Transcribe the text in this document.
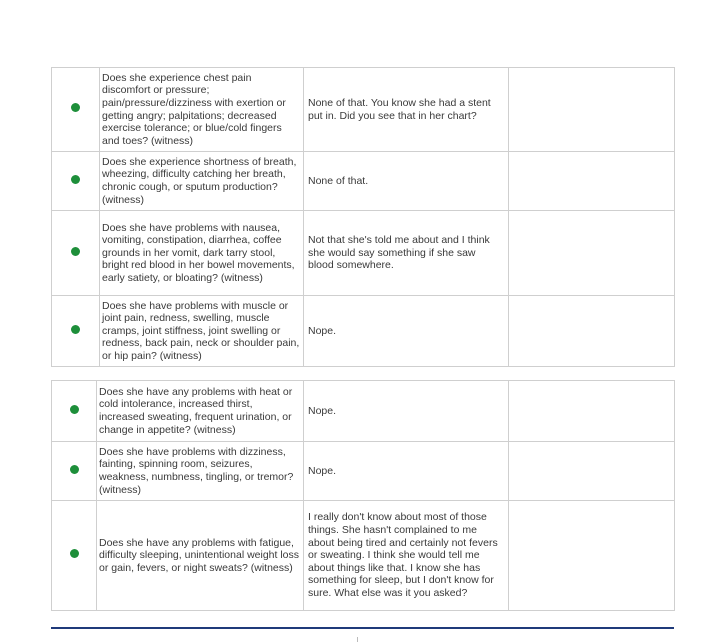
	Does she experience chest pain discomfort or pressure; pain/pressure/dizziness with exertion or getting angry; palpitations; decreased exercise tolerance; or blue/cold fingers and toes? (witness)	None of that. You know she had a stent put in. Did you see that in her chart?	
	Does she experience shortness of breath, wheezing, difficulty catching her breath, chronic cough, or sputum production? (witness)	None of that.	
	Does she have problems with nausea, vomiting, constipation, diarrhea, coffee grounds in her vomit, dark tarry stool, bright red blood in her bowel movements, early satiety, or bloating? (witness)	Not that she's told me about and I think she would say something if she saw blood somewhere.	
	Does she have problems with muscle or joint pain, redness, swelling, muscle cramps, joint stiffness, joint swelling or redness, back pain, neck or shoulder pain, or hip pain? (witness)	Nope.	
	Does she have any problems with heat or cold intolerance, increased thirst, increased sweating, frequent urination, or change in appetite? (witness)	Nope.	
	Does she have problems with dizziness, fainting, spinning room, seizures, weakness, numbness, tingling, or tremor? (witness)	Nope.	
	Does she have any problems with fatigue, difficulty sleeping, unintentional weight loss or gain, fevers, or night sweats? (witness)	I really don't know about most of those things. She hasn't complained to me about being tired and certainly not fevers or sweating. I think she would tell me about things like that. I know she has something for sleep, but I don't know for sure. What else was it you asked?	
